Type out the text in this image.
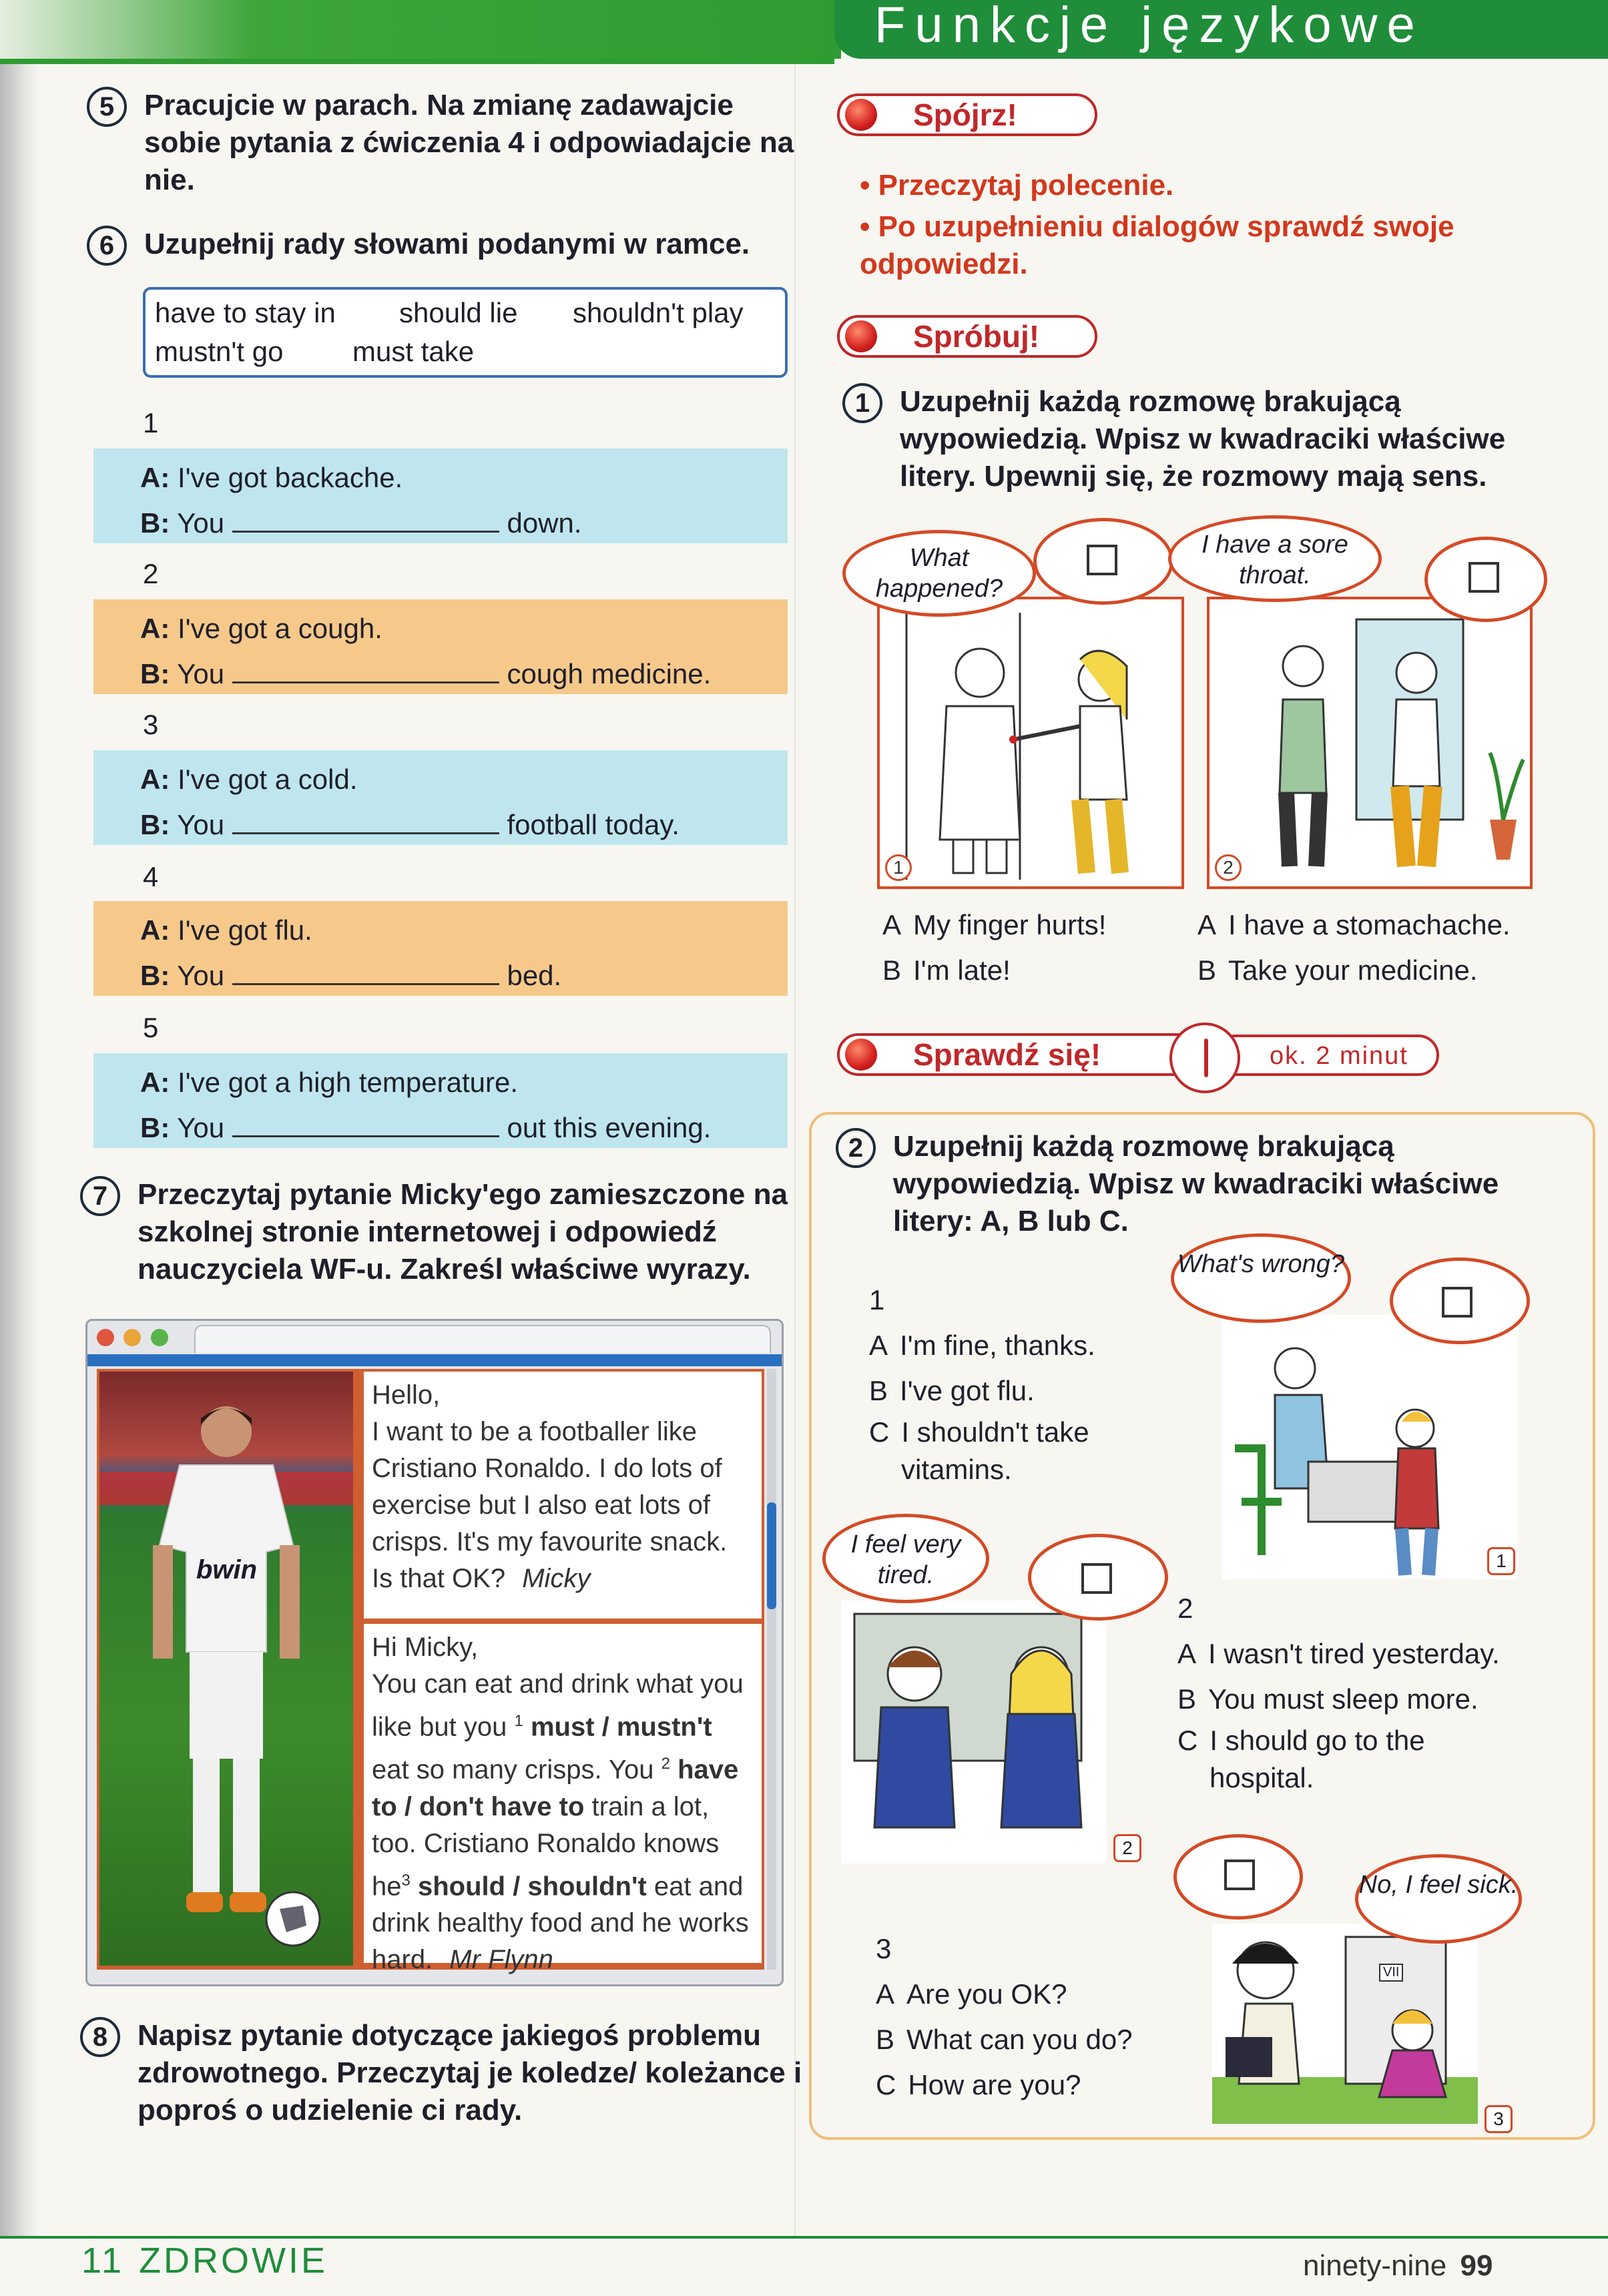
Funkcje językowe
5	Pracujcie w parach. Na zmianę zadawajcie sobie pytania z ćwiczenia 4 i odpowiadajcie na nie.
6	Uzupełnij rady słowami podanymi w ramce.
have to stay in should lie shouldn't play
mustn't go must take
1
A: I've got backache.
B: You	down.
2
A: I've got a cough.
B: You	cough medicine.
3
A: I've got a cold.
B: You	football today.
4
A: I've got flu.
B: You	bed.
5
A: I've got a high temperature.
B: You	out this evening.
7	Przeczytaj pytanie Micky'ego zamieszczone na szkolnej stronie internetowej i odpowiedź nauczyciela WF-u. Zakreśl właściwe wyrazy.

bwin
Hello,
I want to be a footballer like Cristiano Ronaldo. I do lots of exercise but I also eat lots of crisps. It's my favourite snack. Is that OK? Micky
Hi Micky,
You can eat and drink what you like but you $^1$ must / mustn't eat so many crisps. You $^2$ have to / don't have to train a lot, too. Cristiano Ronaldo knows $he^3$ should / shouldn't eat and drink healthy food and he works hard. Mr Flynn
8	Napisz pytanie dotyczące jakiegoś problemu zdrowotnego. Przeczytaj je koledze/ koleżance i poproś o udzielenie ci rady.
Spójrz!
• Przeczytaj polecenie.
• Po uzupełnieniu dialogów sprawdź swoje odpowiedzi.
Spróbuj!
1	Uzupełnij każdą rozmowę brakującą wypowiedzią. Wpisz w kwadraciki właściwe litery. Upewnij się, że rozmowy mają sens.
1
What happened?
2
I have a sore throat.
A My finger hurts!
B I'm late!
A I have a stomachache.
B Take your medicine.
Sprawdź się!	ok. 2 minut
2	Uzupełnij każdą rozmowę brakującą wypowiedzią. Wpisz w kwadraciki właściwe litery: A, B lub C.
1
A I'm fine, thanks.
B I've got flu.
C I shouldn't take vitamins.
1
What's wrong?
2
I feel very tired.
2
A I wasn't tired yesterday.
B You must sleep more.
C I should go to the hospital.
3
A Are you OK?
B What can you do?
C How are you?
VII
3
No, I feel sick.
11 ZDROWIE	ninety-nine 99
